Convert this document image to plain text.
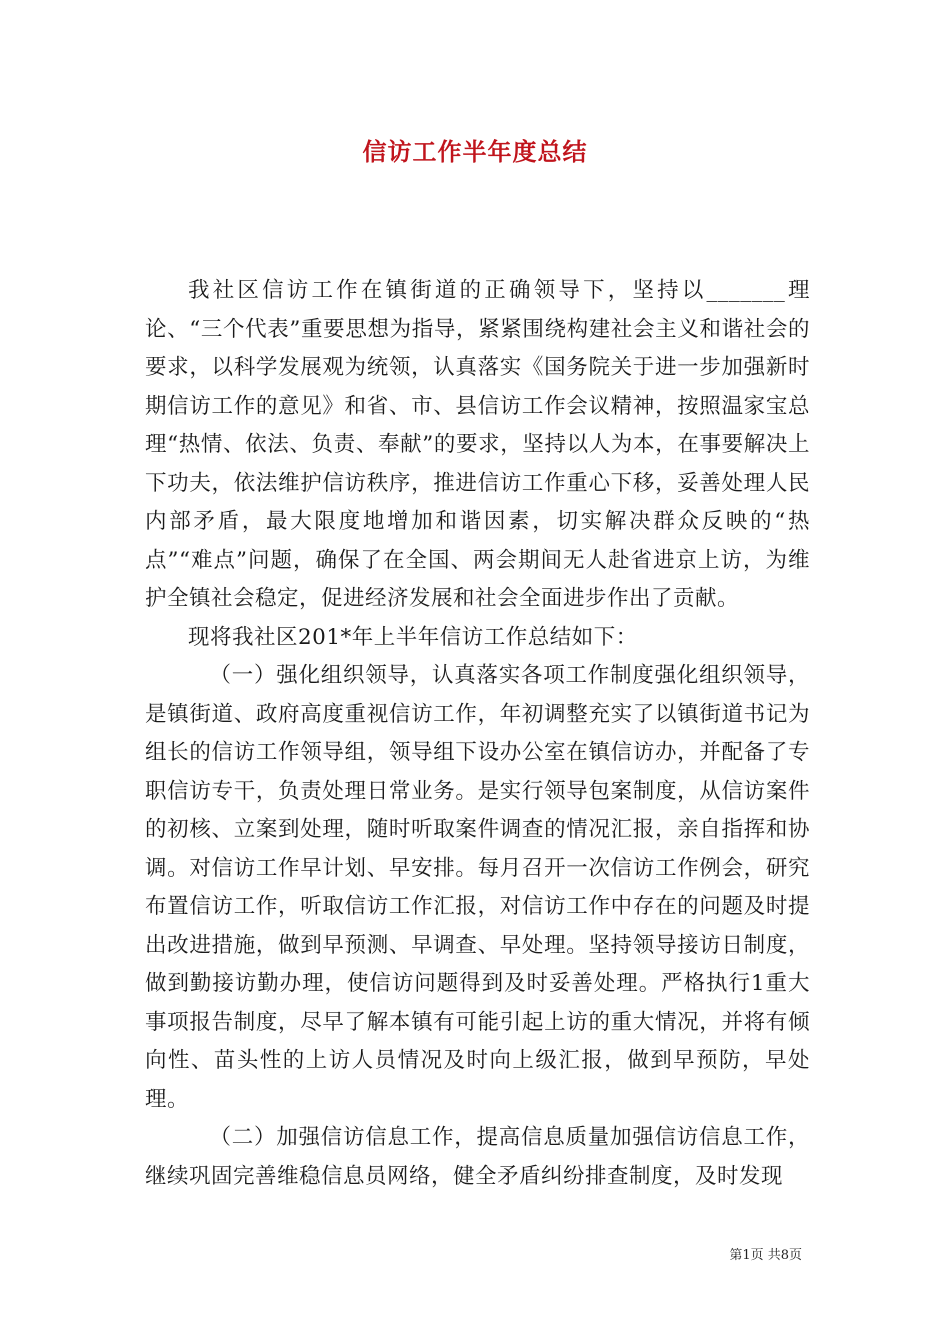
信访工作半年度总结

我社区信访工作在镇街道的正确领导下，坚持以_______理论、“三个代表”重要思想为指导，紧紧围绕构建社会主义和谐社会的要求，以科学发展观为统领，认真落实《国务院关于进一步加强新时期信访工作的意见》和省、市、县信访工作会议精神，按照温家宝总理“热情、依法、负责、奉献”的要求，坚持以人为本，在事要解决上下功夫，依法维护信访秩序，推进信访工作重心下移，妥善处理人民内部矛盾，最大限度地增加和谐因素，切实解决群众反映的“热点”“难点”问题，确保了在全国、两会期间无人赴省进京上访，为维护全镇社会稳定，促进经济发展和社会全面进步作出了贡献。

现将我社区201*年上半年信访工作总结如下：

（一）强化组织领导，认真落实各项工作制度强化组织领导，是镇街道、政府高度重视信访工作，年初调整充实了以镇街道书记为组长的信访工作领导组，领导组下设办公室在镇信访办，并配备了专职信访专干，负责处理日常业务。是实行领导包案制度，从信访案件的初核、立案到处理，随时听取案件调查的情况汇报，亲自指挥和协调。对信访工作早计划、早安排。每月召开一次信访工作例会，研究布置信访工作，听取信访工作汇报，对信访工作中存在的问题及时提出改进措施，做到早预测、早调查、早处理。坚持领导接访日制度，做到勤接访勤办理，使信访问题得到及时妥善处理。严格执行1重大事项报告制度，尽早了解本镇有可能引起上访的重大情况，并将有倾向性、苗头性的上访人员情况及时向上级汇报，做到早预防，早处理。

（二）加强信访信息工作，提高信息质量加强信访信息工作，继续巩固完善维稳信息员网络，健全矛盾纠纷排查制度，及时发现

第1页 共8页
